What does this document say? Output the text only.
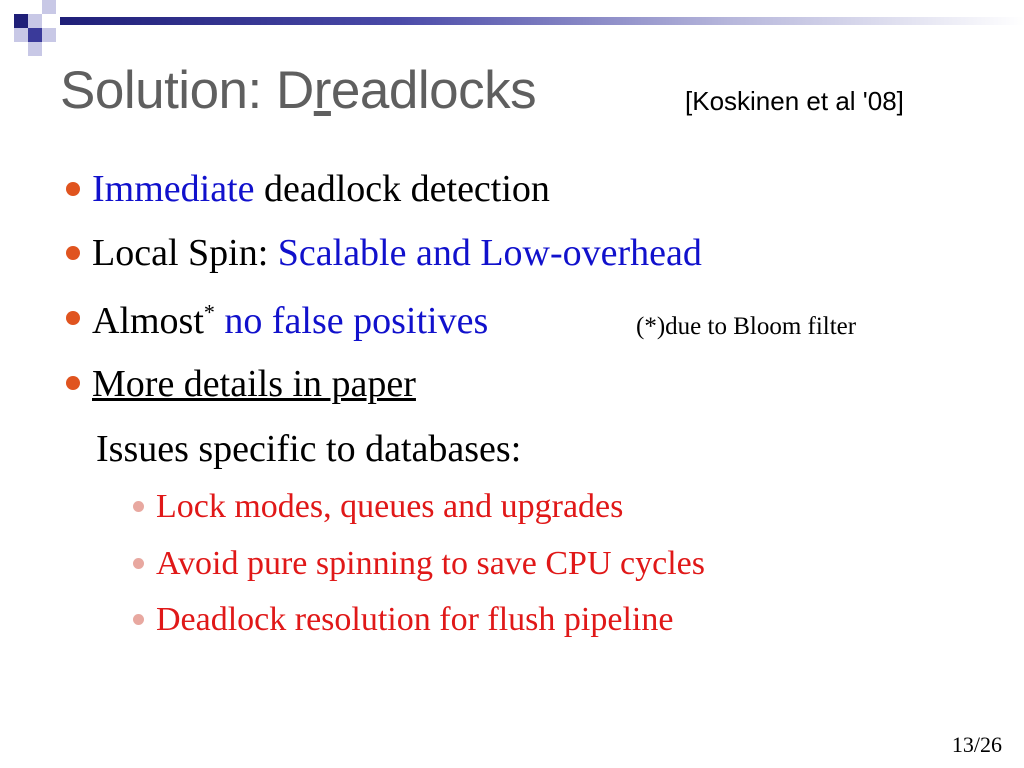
Solution: Dreadlocks	[Koskinen et al '08]
Immediate deadlock detection
Local Spin: Scalable and Low-overhead
Almost* no false positives	(*)due to Bloom filter
More details in paper
Issues specific to databases:
Lock modes, queues and upgrades
Avoid pure spinning to save CPU cycles
Deadlock resolution for flush pipeline
13/26
